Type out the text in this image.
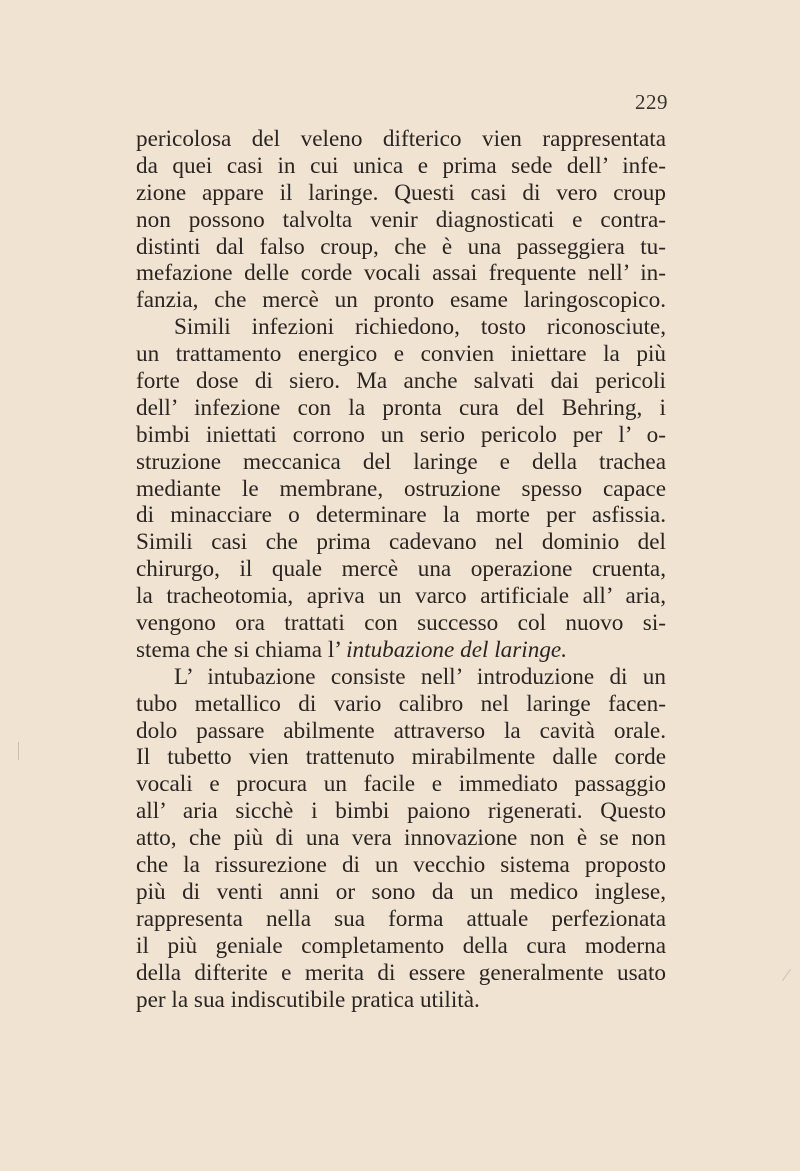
229
pericolosa del veleno difterico vien rappresentata
da quei casi in cui unica e prima sede dell’ infe-
zione appare il laringe. Questi casi di vero croup
non possono talvolta venir diagnosticati e contra-
distinti dal falso croup, che è una passeggiera tu-
mefazione delle corde vocali assai frequente nell’ in-
fanzia, che mercè un pronto esame laringoscopico.
Simili infezioni richiedono, tosto riconosciute,
un trattamento energico e convien iniettare la più
forte dose di siero. Ma anche salvati dai pericoli
dell’ infezione con la pronta cura del Behring, i
bimbi iniettati corrono un serio pericolo per l’ o-
struzione meccanica del laringe e della trachea
mediante le membrane, ostruzione spesso capace
di minacciare o determinare la morte per asfissia.
Simili casi che prima cadevano nel dominio del
chirurgo, il quale mercè una operazione cruenta,
la tracheotomia, apriva un varco artificiale all’ aria,
vengono ora trattati con successo col nuovo si-
stema che si chiama l’ intubazione del laringe.
L’ intubazione consiste nell’ introduzione di un
tubo metallico di vario calibro nel laringe facen-
dolo passare abilmente attraverso la cavità orale.
Il tubetto vien trattenuto mirabilmente dalle corde
vocali e procura un facile e immediato passaggio
all’ aria sicchè i bimbi paiono rigenerati. Questo
atto, che più di una vera innovazione non è se non
che la rissurezione di un vecchio sistema proposto
più di venti anni or sono da un medico inglese,
rappresenta nella sua forma attuale perfezionata
il più geniale completamento della cura moderna
della difterite e merita di essere generalmente usato
per la sua indiscutibile pratica utilità.
